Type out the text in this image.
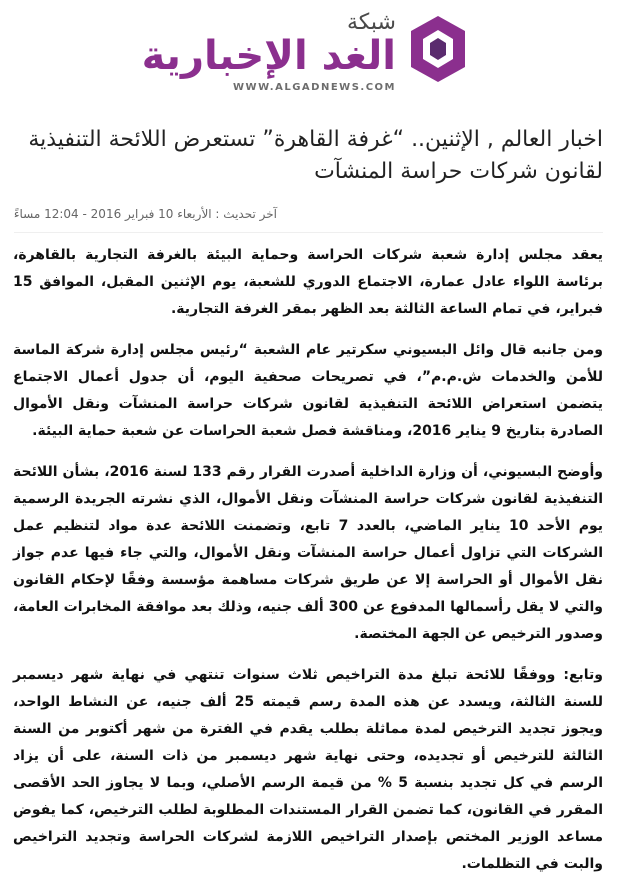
شبكة
الغد الإخبارية
WWW.ALGADNEWS.COM
اخبار العالم , الإثنين.. “غرفة القاهرة” تستعرض اللائحة التنفيذية لقانون شركات حراسة المنشآت
آخر تحديث : الأربعاء 10 فبراير 2016 - 12:04 مساءً

يعقد مجلس إدارة شعبة شركات الحراسة وحماية البيئة بالغرفة التجارية بالقاهرة، برئاسة اللواء عادل عمارة، الاجتماع الدوري للشعبة، يوم الإثنين المقبل، الموافق 15 فبراير، في تمام الساعة الثالثة بعد الظهر بمقر الغرفة التجارية.

ومن جانبه قال وائل البسيوني سكرتير عام الشعبة “رئيس مجلس إدارة شركة الماسة للأمن والخدمات ش.م.م”، في تصريحات صحفية اليوم، أن جدول أعمال الاجتماع يتضمن استعراض اللائحة التنفيذية لقانون شركات حراسة المنشآت ونقل الأموال الصادرة بتاريخ 9 يناير 2016، ومناقشة فصل شعبة الحراسات عن شعبة حماية البيئة.

وأوضح البسيوني، أن وزارة الداخلية أصدرت القرار رقم 133 لسنة 2016، بشأن اللائحة التنفيذية لقانون شركات حراسة المنشآت ونقل الأموال، الذي نشرته الجريدة الرسمية يوم الأحد 10 يناير الماضي، بالعدد 7 تابع، وتضمنت اللائحة عدة مواد لتنظيم عمل الشركات التي تزاول أعمال حراسة المنشآت ونقل الأموال، والتي جاء فيها عدم جواز نقل الأموال أو الحراسة إلا عن طريق شركات مساهمة مؤسسة وفقًا لإحكام القانون والتي لا يقل رأسمالها المدفوع عن 300 ألف جنيه، وذلك بعد موافقة المخابرات العامة، وصدور الترخيص عن الجهة المختصة.

وتابع: ووفقًا للائحة تبلغ مدة التراخيص ثلاث سنوات تنتهي في نهاية شهر ديسمبر للسنة الثالثة، ويسدد عن هذه المدة رسم قيمته 25 ألف جنيه، عن النشاط الواحد، ويجوز تجديد الترخيص لمدة مماثلة بطلب يقدم في الفترة من شهر أكتوبر من السنة الثالثة للترخيص أو تجديده، وحتى نهاية شهر ديسمبر من ذات السنة، على أن يزاد الرسم في كل تجديد بنسبة 5 % من قيمة الرسم الأصلي، وبما لا يجاوز الحد الأقصى المقرر في القانون، كما تضمن القرار المستندات المطلوبة لطلب الترخيص، كما يفوض مساعد الوزير المختص بإصدار التراخيص اللازمة لشركات الحراسة وتجديد التراخيص والبت في التظلمات.
